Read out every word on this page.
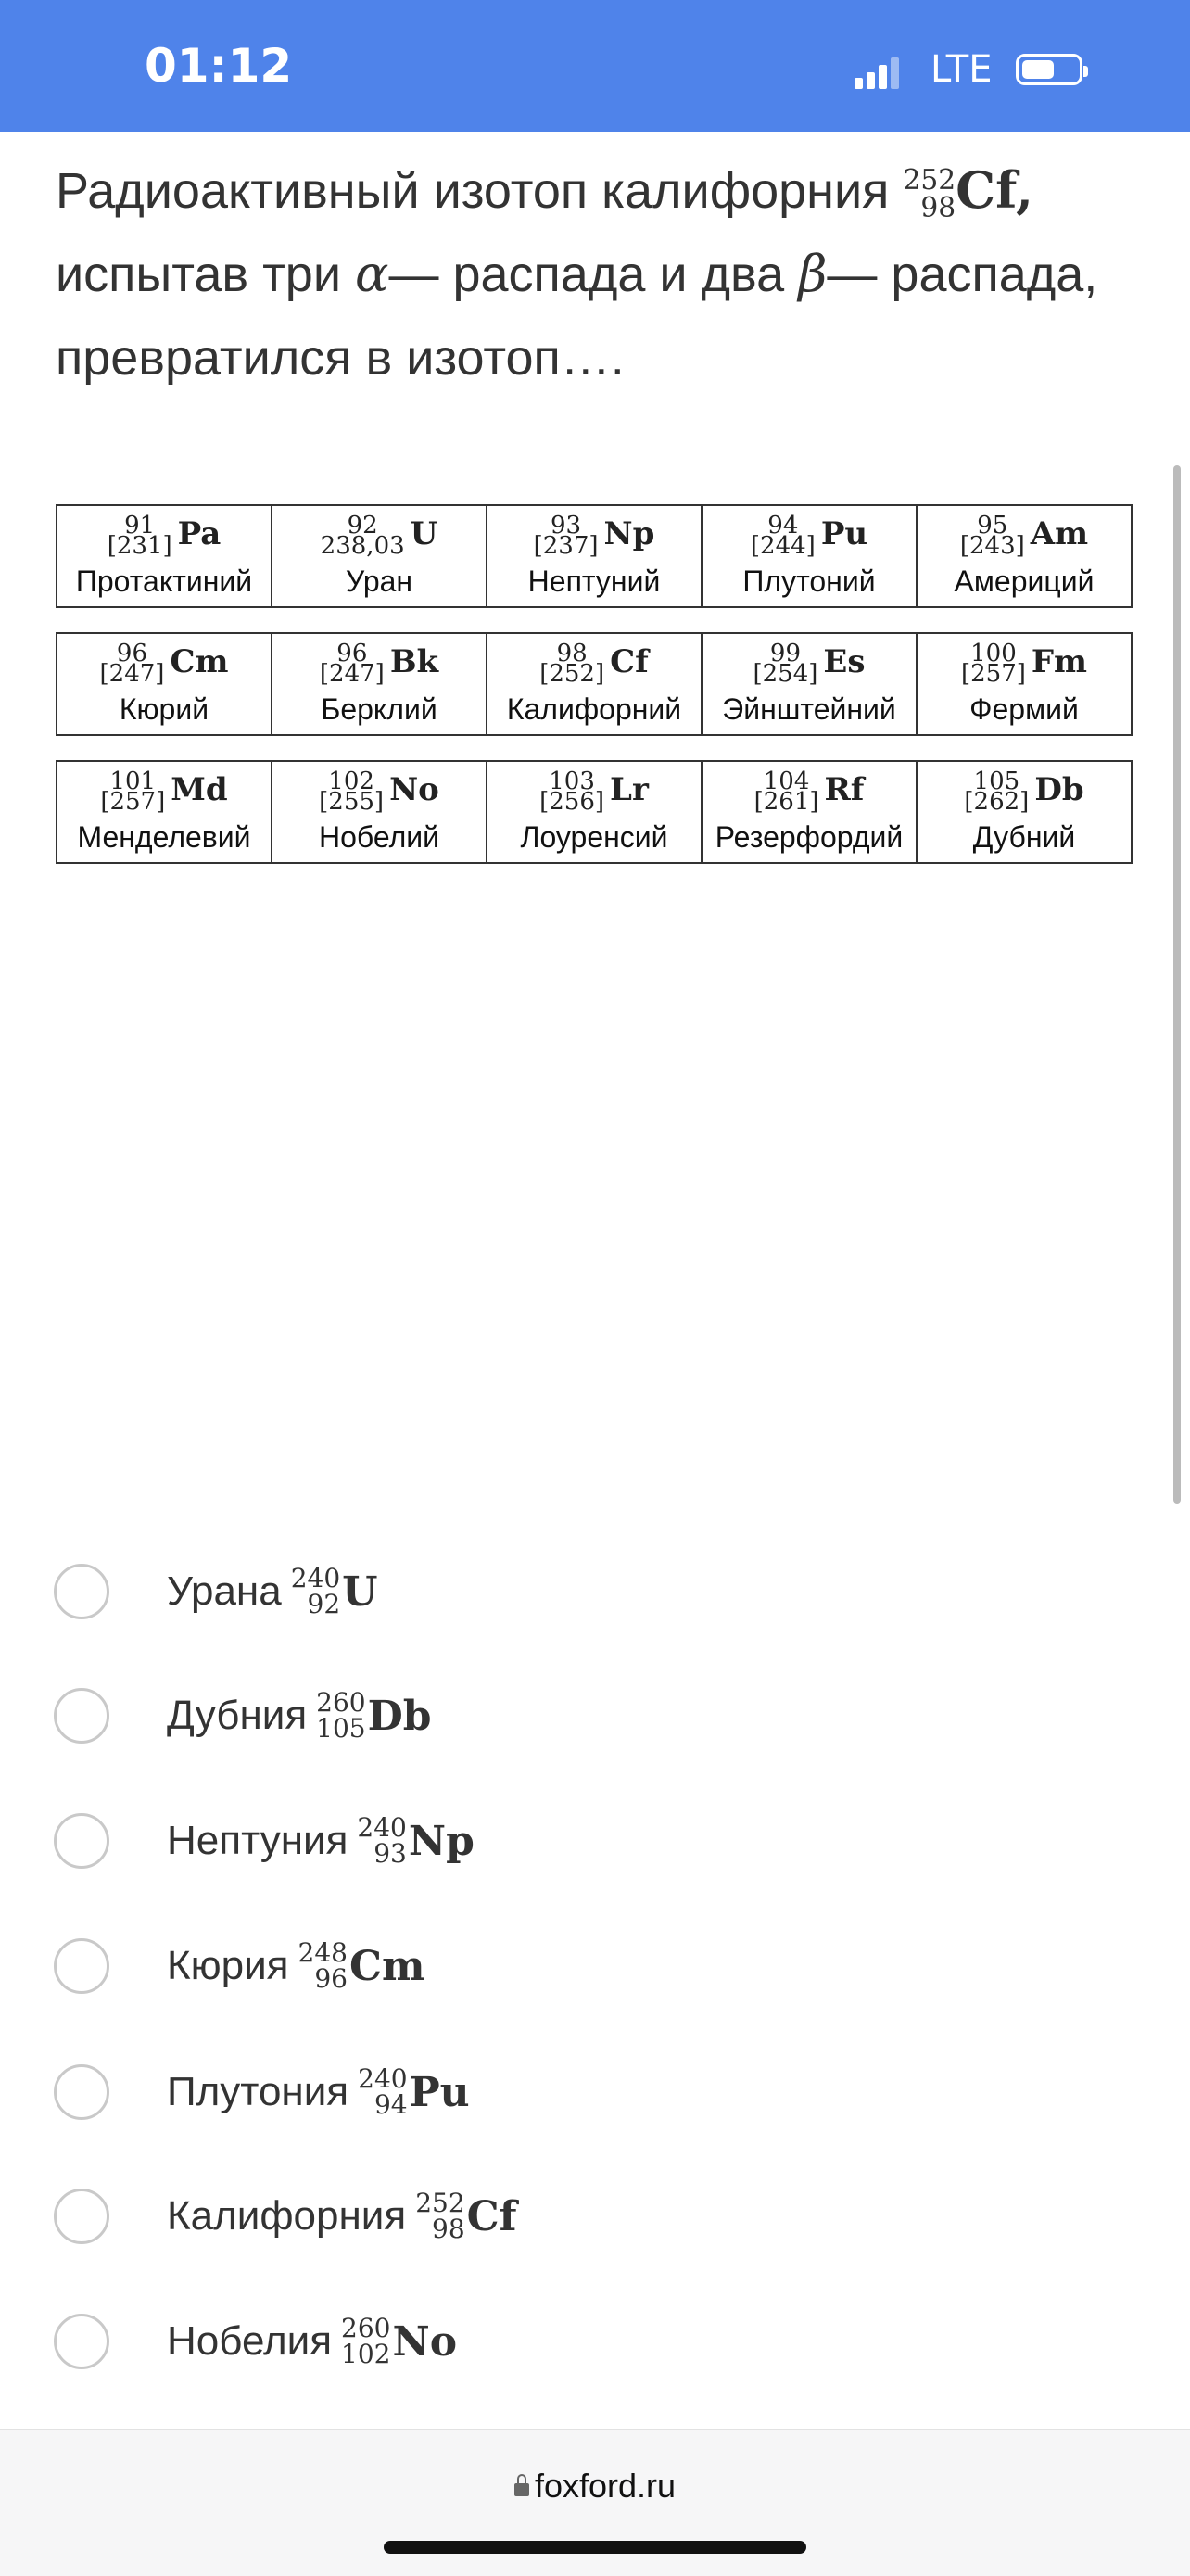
01:12	LTE
Радиоактивный изотоп калифорния 252
98 Cf,
испытав три α— распада и два β— распада,
превратился в изотоп….
91
[231] Pa
Протактиний
92
238,03 U
Уран
93
[237] Np
Нептуний
94
[244] Pu
Плутоний
95
[243] Am
Америций
96
[247] Cm
Кюрий
96
[247] Bk
Берклий
98
[252] Cf
Калифорний
99
[254] Es
Эйнштейний
100
[257] Fm
Фермий
101
[257] Md
Менделевий
102
[255] No
Нобелий
103
[256] Lr
Лоуренсий
104
[261] Rf
Резерфордий
105
[262] Db
Дубний
Урана 240
92 U
Дубния 260
105 Db
Нептуния 240
93 Np
Кюрия 248
96 Cm
Плутония 240
94 Pu
Калифорния 252
98 Cf
Нобелия 260
102 No
foxford.ru
